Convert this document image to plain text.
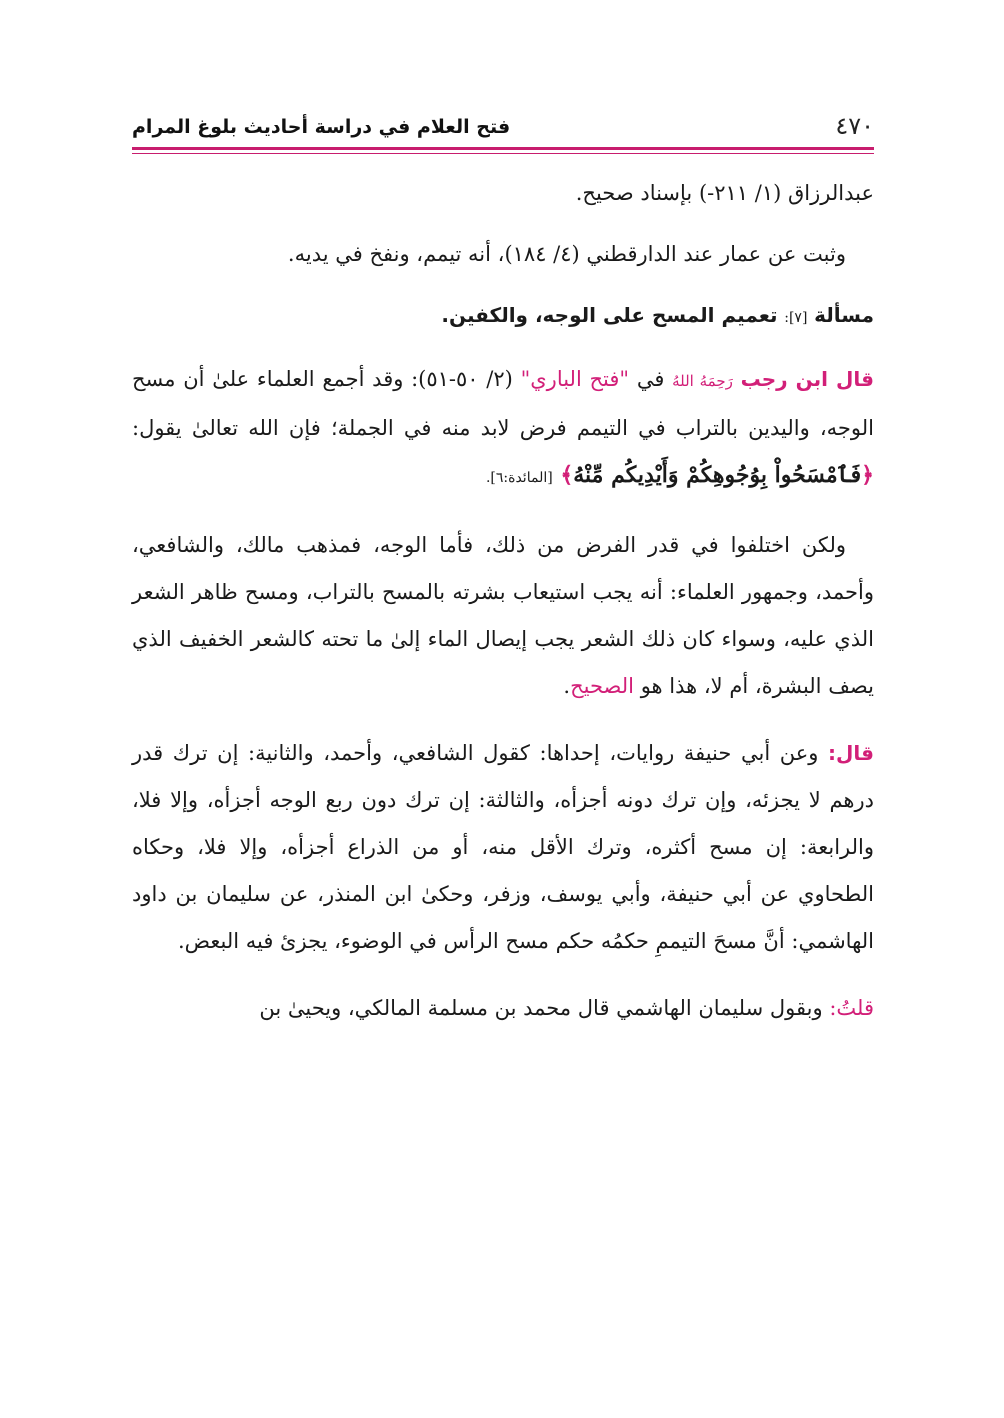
٤٧٠
فتح العلام في دراسة أحاديث بلوغ المرام

عبدالرزاق (١/ ٢١١-) بإسناد صحيح.

وثبت عن عمار عند الدارقطني (٤/ ١٨٤)، أنه تيمم، ونفخ في يديه.

مسألة [٧]: تعميم المسح على الوجه، والكفين.

قال ابن رجب رَحِمَهُ اللهُ في "فتح الباري" (٢/ ٥٠-٥١): وقد أجمع العلماء علىٰ أن مسح الوجه، واليدين بالتراب في التيمم فرض لابد منه في الجملة؛ فإن الله تعالىٰ يقول: ﴿فَٱمْسَحُواْ بِوُجُوهِكُمْ وَأَيْدِيكُم مِّنْهُ﴾ [المائدة:٦].

ولكن اختلفوا في قدر الفرض من ذلك، فأما الوجه، فمذهب مالك، والشافعي، وأحمد، وجمهور العلماء: أنه يجب استيعاب بشرته بالمسح بالتراب، ومسح ظاهر الشعر الذي عليه، وسواء كان ذلك الشعر يجب إيصال الماء إلىٰ ما تحته كالشعر الخفيف الذي يصف البشرة، أم لا، هذا هو الصحيح.

قال: وعن أبي حنيفة روايات، إحداها: كقول الشافعي، وأحمد، والثانية: إن ترك قدر درهم لا يجزئه، وإن ترك دونه أجزأه، والثالثة: إن ترك دون ربع الوجه أجزأه، وإلا فلا، والرابعة: إن مسح أكثره، وترك الأقل منه، أو من الذراع أجزأه، وإلا فلا، وحكاه الطحاوي عن أبي حنيفة، وأبي يوسف، وزفر، وحكىٰ ابن المنذر، عن سليمان بن داود الهاشمي: أنَّ مسحَ التيممِ حكمُه حكم مسح الرأس في الوضوء، يجزئ فيه البعض.

قلتُ: وبقول سليمان الهاشمي قال محمد بن مسلمة المالكي، ويحيىٰ بن
